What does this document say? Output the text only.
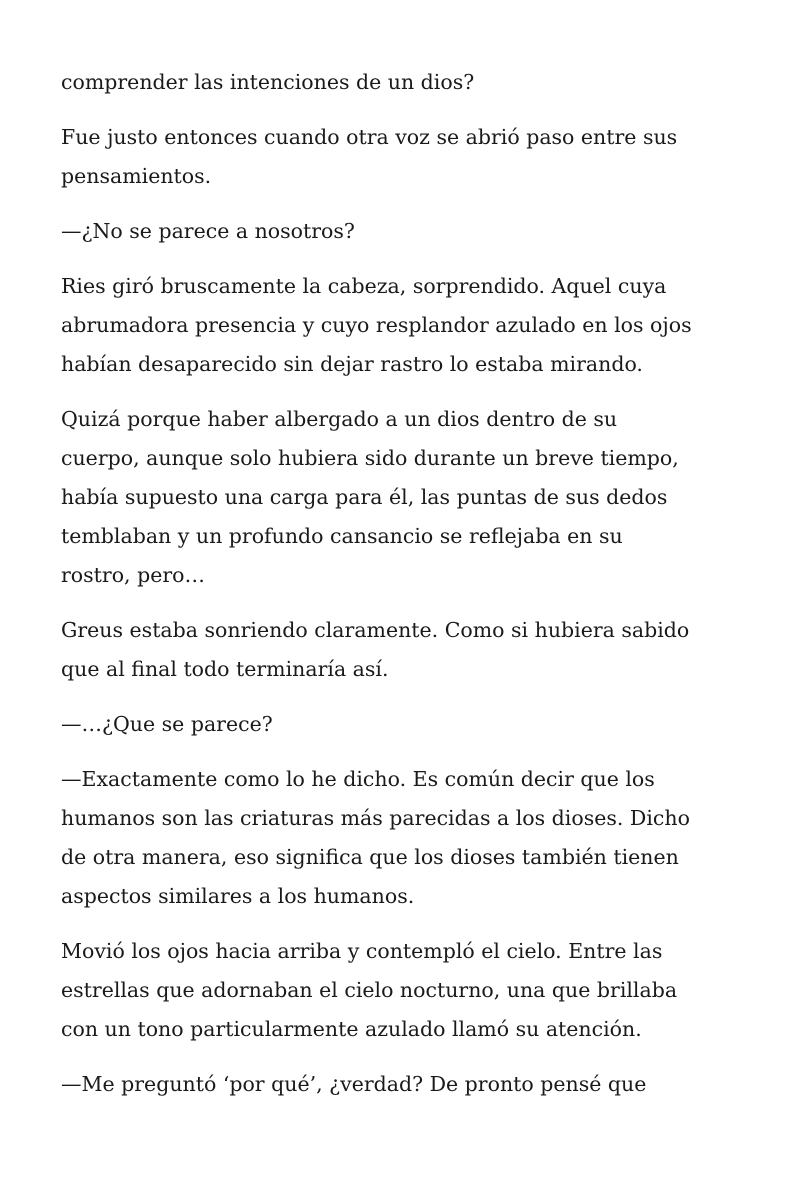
comprender las intenciones de un dios?

Fue justo entonces cuando otra voz se abrió paso entre sus
pensamientos.

—¿No se parece a nosotros?

Ries giró bruscamente la cabeza, sorprendido. Aquel cuya
abrumadora presencia y cuyo resplandor azulado en los ojos
habían desaparecido sin dejar rastro lo estaba mirando.

Quizá porque haber albergado a un dios dentro de su
cuerpo, aunque solo hubiera sido durante un breve tiempo,
había supuesto una carga para él, las puntas de sus dedos
temblaban y un profundo cansancio se reflejaba en su
rostro, pero…

Greus estaba sonriendo claramente. Como si hubiera sabido
que al final todo terminaría así.

—…¿Que se parece?

—Exactamente como lo he dicho. Es común decir que los
humanos son las criaturas más parecidas a los dioses. Dicho
de otra manera, eso significa que los dioses también tienen
aspectos similares a los humanos.

Movió los ojos hacia arriba y contempló el cielo. Entre las
estrellas que adornaban el cielo nocturno, una que brillaba
con un tono particularmente azulado llamó su atención.

—Me preguntó ‘por qué’, ¿verdad? De pronto pensé que
